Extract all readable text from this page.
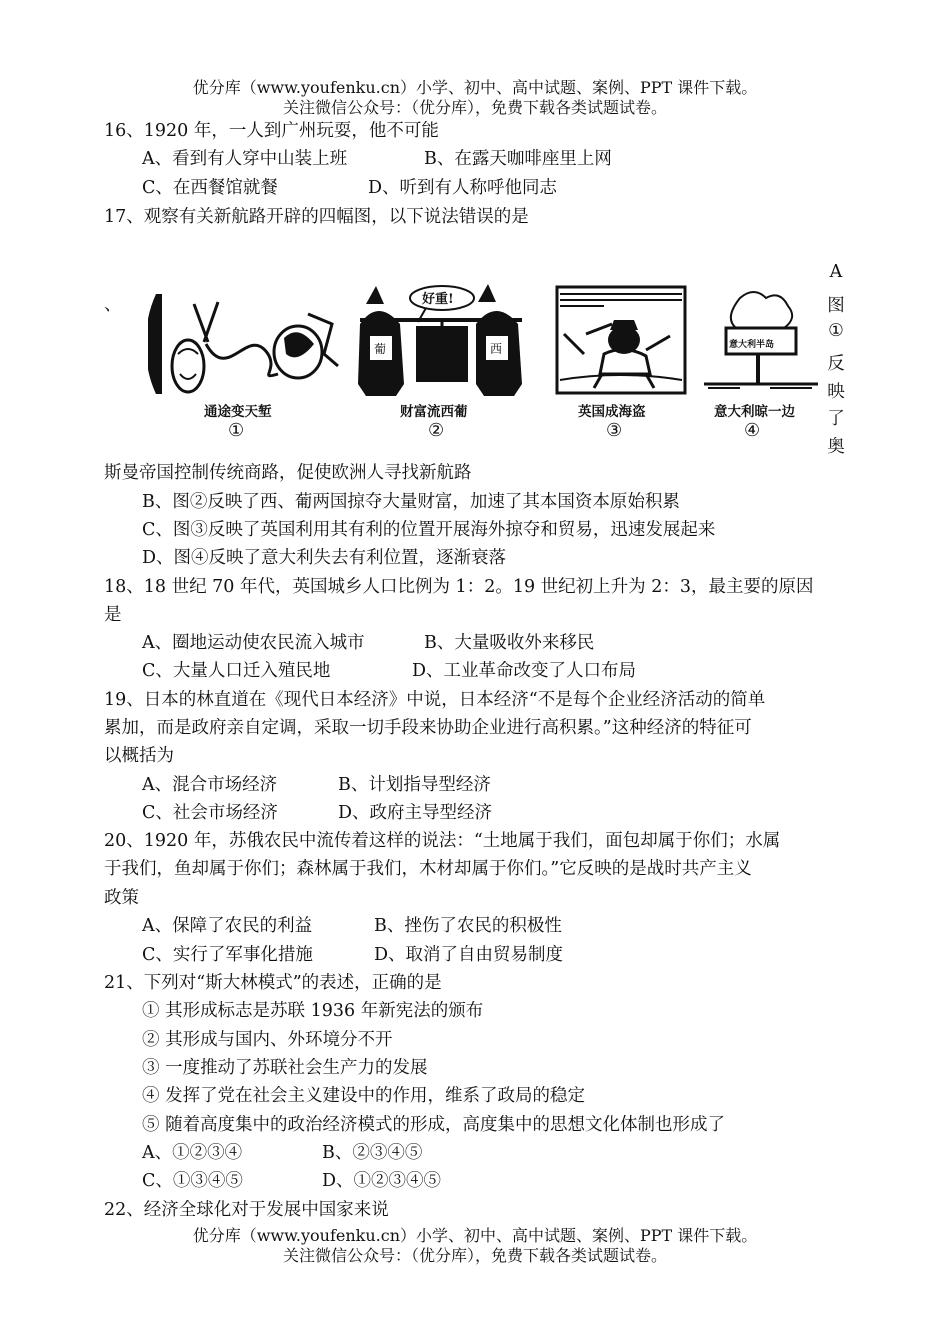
优分库（www.youfenku.cn）小学、初中、高中试题、案例、PPT 课件下载。
关注微信公众号：（优分库），免费下载各类试题试卷。
16、1920 年，一人到广州玩耍，他不可能
A、看到有人穿中山装上班	B、在露天咖啡座里上网
C、在西餐馆就餐	D、听到有人称呼他同志
17、观察有关新航路开辟的四幅图，以下说法错误的是
、
通途变天堑
①
好重!
葡	西
财富流西葡
②
英国成海盗
③
意大利半岛
意大利晾一边
④
A
图
①
反
映
了
奥
斯曼帝国控制传统商路，促使欧洲人寻找新航路
B、图②反映了西、葡两国掠夺大量财富，加速了其本国资本原始积累
C、图③反映了英国利用其有利的位置开展海外掠夺和贸易，迅速发展起来
D、图④反映了意大利失去有利位置，逐渐衰落
18、18 世纪 70 年代，英国城乡人口比例为 1：2。19 世纪初上升为 2：3，最主要的原因
是
A、圈地运动使农民流入城市	B、大量吸收外来移民
C、大量人口迁入殖民地	D、工业革命改变了人口布局
19、日本的林直道在《现代日本经济》中说，日本经济“不是每个企业经济活动的简单
累加，而是政府亲自定调，采取一切手段来协助企业进行高积累。”这种经济的特征可
以概括为
A、混合市场经济	B、计划指导型经济
C、社会市场经济	D、政府主导型经济
20、1920 年，苏俄农民中流传着这样的说法：“土地属于我们，面包却属于你们；水属
于我们，鱼却属于你们；森林属于我们，木材却属于你们。”它反映的是战时共产主义
政策
A、保障了农民的利益	B、挫伤了农民的积极性
C、实行了军事化措施	D、取消了自由贸易制度
21、下列对“斯大林模式”的表述，正确的是
① 其形成标志是苏联 1936 年新宪法的颁布
② 其形成与国内、外环境分不开
③ 一度推动了苏联社会生产力的发展
④ 发挥了党在社会主义建设中的作用，维系了政局的稳定
⑤ 随着高度集中的政治经济模式的形成，高度集中的思想文化体制也形成了
A、①②③④	B、②③④⑤
C、①③④⑤	D、①②③④⑤
22、经济全球化对于发展中国家来说
优分库（www.youfenku.cn）小学、初中、高中试题、案例、PPT 课件下载。
关注微信公众号：（优分库），免费下载各类试题试卷。
